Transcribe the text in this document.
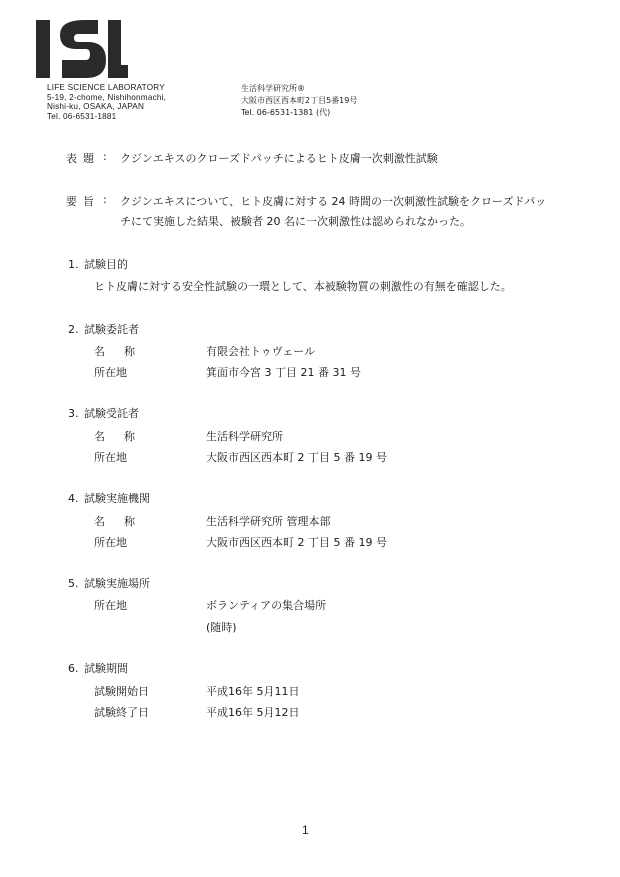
LIFE SCIENCE LABORATORY
5-19, 2-chome, Nishihonmachi,
Nishi-ku, OSAKA, JAPAN
Tel. 06-6531-1881
生活科学研究所®
大阪市西区西本町2丁目5番19号
Tel. 06-6531-1381 (代)
表題 : クジンエキスのクローズドパッチによるヒト皮膚一次刺激性試験
要旨 : クジンエキスについて、ヒト皮膚に対する 24 時間の一次刺激性試験をクローズドパッ
チにて実施した結果、被験者 20 名に一次刺激性は認められなかった。
1. 試験目的
ヒト皮膚に対する安全性試験の一環として、本被験物質の刺激性の有無を確認した。
2. 試験委託者
名称	有限会社トゥヴェール
所在地	箕面市今宮 3 丁目 21 番 31 号
3. 試験受託者
名称	生活科学研究所
所在地	大阪市西区西本町 2 丁目 5 番 19 号
4. 試験実施機関
名称	生活科学研究所 管理本部
所在地	大阪市西区西本町 2 丁目 5 番 19 号
5. 試験実施場所
所在地	ボランティアの集合場所
(随時)
6. 試験期間
試験開始日	平成16年 5月11日
試験終了日	平成16年 5月12日
1
